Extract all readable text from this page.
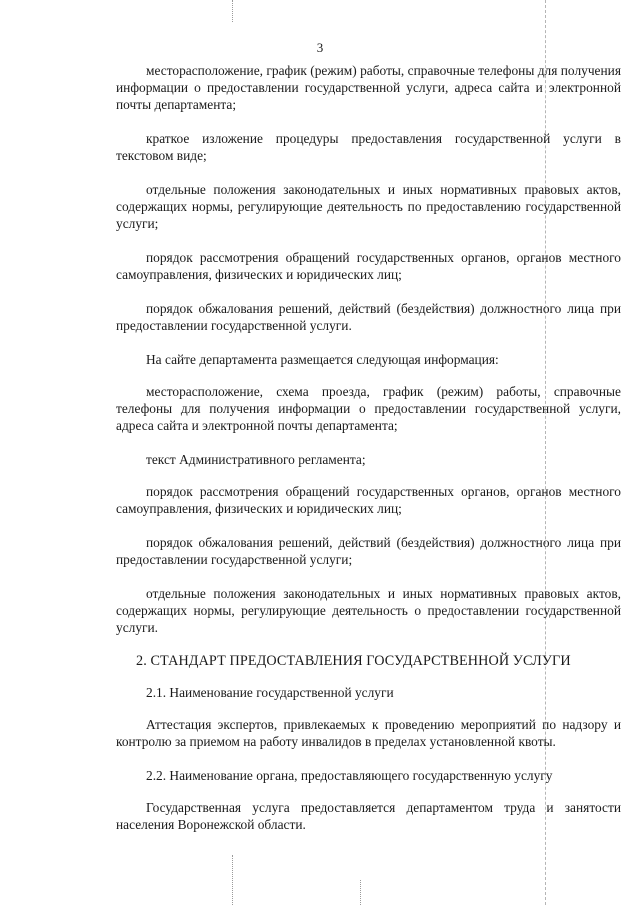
3

месторасположение, график (режим) работы, справочные телефоны для получения информации о предоставлении государственной услуги, адреса сайта и электронной почты департамента;

краткое изложение процедуры предоставления государственной услуги в текстовом виде;

отдельные положения законодательных и иных нормативных правовых актов, содержащих нормы, регулирующие деятельность по предоставлению государственной услуги;

порядок рассмотрения обращений государственных органов, органов местного самоуправления, физических и юридических лиц;

порядок обжалования решений, действий (бездействия) должностного лица при предоставлении государственной услуги.

На сайте департамента размещается следующая информация:

месторасположение, схема проезда, график (режим) работы, справочные телефоны для получения информации о предоставлении государственной услуги, адреса сайта и электронной почты департамента;

текст Административного регламента;

порядок рассмотрения обращений государственных органов, органов местного самоуправления, физических и юридических лиц;

порядок обжалования решений, действий (бездействия) должностного лица при предоставлении государственной услуги;

отдельные положения законодательных и иных нормативных правовых актов, содержащих нормы, регулирующие деятельность о предоставлении государственной услуги.

2. СТАНДАРТ ПРЕДОСТАВЛЕНИЯ ГОСУДАРСТВЕННОЙ УСЛУГИ

2.1. Наименование государственной услуги

Аттестация экспертов, привлекаемых к проведению мероприятий по надзору и контролю за приемом на работу инвалидов в пределах установленной квоты.

2.2. Наименование органа, предоставляющего государственную услугу

Государственная услуга предоставляется департаментом труда и занятости населения Воронежской области.
